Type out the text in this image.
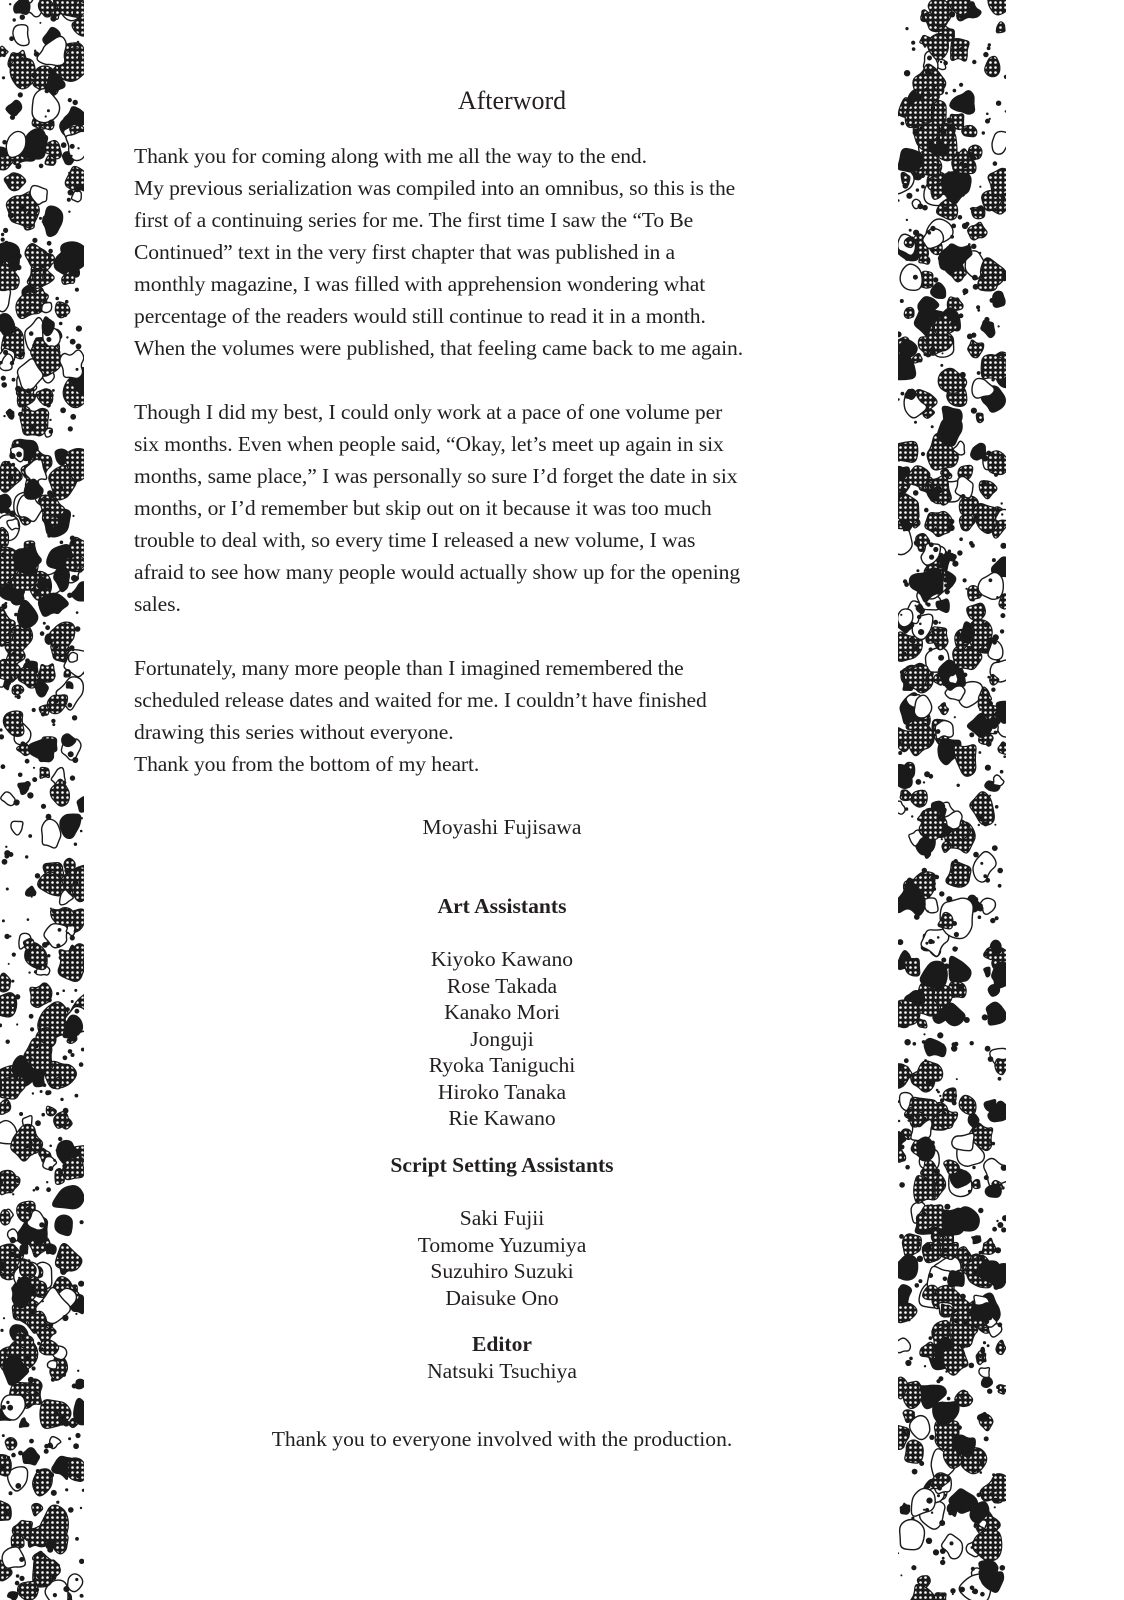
Afterword
Thank you for coming along with me all the way to the end.
My previous serialization was compiled into an omnibus, so this is the
first of a continuing series for me. The first time I saw the “To Be
Continued” text in the very first chapter that was published in a
monthly magazine, I was filled with apprehension wondering what
percentage of the readers would still continue to read it in a month.
When the volumes were published, that feeling came back to me again.
Though I did my best, I could only work at a pace of one volume per
six months. Even when people said, “Okay, let’s meet up again in six
months, same place,” I was personally so sure I’d forget the date in six
months, or I’d remember but skip out on it because it was too much
trouble to deal with, so every time I released a new volume, I was
afraid to see how many people would actually show up for the opening
sales.
Fortunately, many more people than I imagined remembered the
scheduled release dates and waited for me. I couldn’t have finished
drawing this series without everyone.
Thank you from the bottom of my heart.
Moyashi Fujisawa
Art Assistants
Kiyoko Kawano
Rose Takada
Kanako Mori
Jonguji
Ryoka Taniguchi
Hiroko Tanaka
Rie Kawano
Script Setting Assistants
Saki Fujii
Tomome Yuzumiya
Suzuhiro Suzuki
Daisuke Ono
Editor
Natsuki Tsuchiya
Thank you to everyone involved with the production.
